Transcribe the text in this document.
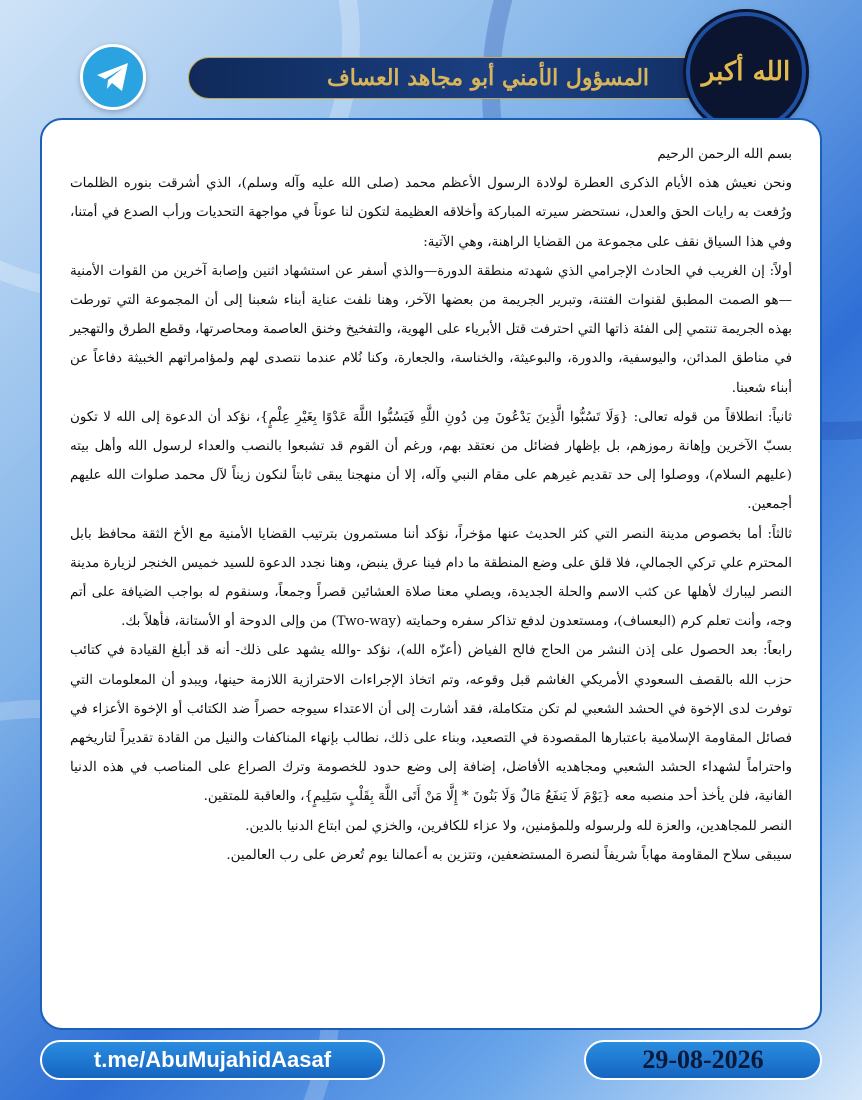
المسؤول الأمني أبو مجاهد العساف الله أكبر

بسم الله الرحمن الرحيم

ونحن نعيش هذه الأيام الذكرى العطرة لولادة الرسول الأعظم محمد (صلى الله عليه وآله وسلم)، الذي أشرقت بنوره الظلمات ورُفعت به رايات الحق والعدل، نستحضر سيرته المباركة وأخلاقه العظيمة لتكون لنا عوناً في مواجهة التحديات ورأب الصدع في أمتنا، وفي هذا السياق نقف على مجموعة من القضايا الراهنة، وهي الآتية:

أولاً: إن الغريب في الحادث الإجرامي الذي شهدته منطقة الدورة—والذي أسفر عن استشهاد اثنين وإصابة آخرين من القوات الأمنية—هو الصمت المطبق لقنوات الفتنة، وتبرير الجريمة من بعضها الآخر، وهنا نلفت عناية أبناء شعبنا إلى أن المجموعة التي تورطت بهذه الجريمة تنتمي إلى الفئة ذاتها التي احترفت قتل الأبرياء على الهوية، والتفخيخ وخنق العاصمة ومحاصرتها، وقطع الطرق والتهجير في مناطق المدائن، واليوسفية، والدورة، والبوعيثة، والخناسة، والجعارة، وكنا نُلام عندما نتصدى لهم ولمؤامراتهم الخبيثة دفاعاً عن أبناء شعبنا.

ثانياً: انطلاقاً من قوله تعالى: {وَلَا تَسُبُّوا الَّذِينَ يَدْعُونَ مِن دُونِ اللَّهِ فَيَسُبُّوا اللَّهَ عَدْوًا بِغَيْرِ عِلْمٍ}، نؤكد أن الدعوة إلى الله لا تكون بسبّ الآخرين وإهانة رموزهم، بل بإظهار فضائل من نعتقد بهم، ورغم أن القوم قد تشبعوا بالنصب والعداء لرسول الله وأهل بيته (عليهم السلام)، ووصلوا إلى حد تقديم غيرهم على مقام النبي وآله، إلا أن منهجنا يبقى ثابتاً لنكون زيناً لآل محمد صلوات الله عليهم أجمعين.

ثالثاً: أما بخصوص مدينة النصر التي كثر الحديث عنها مؤخراً، نؤكد أننا مستمرون بترتيب القضايا الأمنية مع الأخ الثقة محافظ بابل المحترم علي تركي الجمالي، فلا قلق على وضع المنطقة ما دام فينا عرق ينبض، وهنا نجدد الدعوة للسيد خميس الخنجر لزيارة مدينة النصر ليبارك لأهلها عن كثب الاسم والحلة الجديدة، ويصلي معنا صلاة العشائين قصراً وجمعاً، وسنقوم له بواجب الضيافة على أتم وجه، وأنت تعلم كرم (البعساف)، ومستعدون لدفع تذاكر سفره وحمايته (Two-way) من وإلى الدوحة أو الأستانة، فأهلاً بك.

رابعاً: بعد الحصول على إذن النشر من الحاج فالح الفياض (أعزّه الله)، نؤكد -والله يشهد على ذلك- أنه قد أبلغ القيادة في كتائب حزب الله بالقصف السعودي الأمريكي الغاشم قبل وقوعه، وتم اتخاذ الإجراءات الاحترازية اللازمة حينها، ويبدو أن المعلومات التي توفرت لدى الإخوة في الحشد الشعبي لم تكن متكاملة، فقد أشارت إلى أن الاعتداء سيوجه حصراً ضد الكتائب أو الإخوة الأعزاء في فصائل المقاومة الإسلامية باعتبارها المقصودة في التصعيد، وبناء على ذلك، نطالب بإنهاء المناكفات والنيل من القادة تقديراً لتاريخهم واحتراماً لشهداء الحشد الشعبي ومجاهديه الأفاضل، إضافة إلى وضع حدود للخصومة وترك الصراع على المناصب في هذه الدنيا الفانية، فلن يأخذ أحد منصبه معه {يَوْمَ لَا يَنفَعُ مَالٌ وَلَا بَنُونَ * إِلَّا مَنْ أَتَى اللَّهَ بِقَلْبٍ سَلِيمٍ}، والعاقبة للمتقين.

النصر للمجاهدين، والعزة لله ولرسوله وللمؤمنين، ولا عزاء للكافرين، والخزي لمن ابتاع الدنيا بالدين.

سيبقى سلاح المقاومة مهاباً شريفاً لنصرة المستضعفين، وتتزين به أعمالنا يوم تُعرض على رب العالمين.

t.me/AbuMujahidAasaf	29-08-2026
